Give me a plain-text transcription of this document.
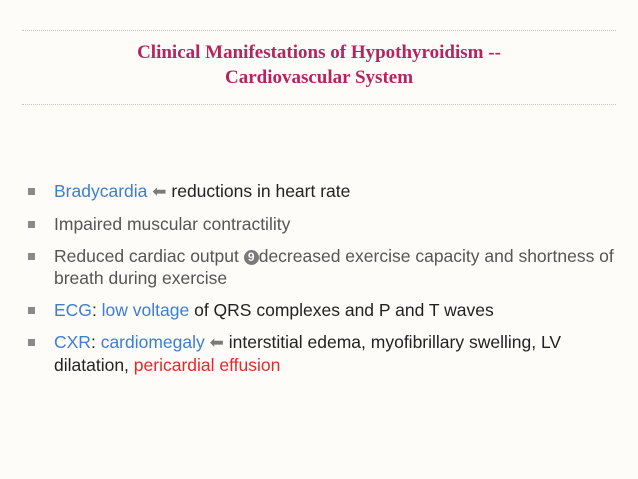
Clinical Manifestations of Hypothyroidism --
Cardiovascular System
Bradycardia ⬅ reductions in heart rate
Impaired muscular contractility
Reduced cardiac output 9 decreased exercise capacity and shortness of breath during exercise
ECG: low voltage of QRS complexes and P and T waves
CXR: cardiomegaly ⬅ interstitial edema, myofibrillary swelling, LV dilatation, pericardial effusion
